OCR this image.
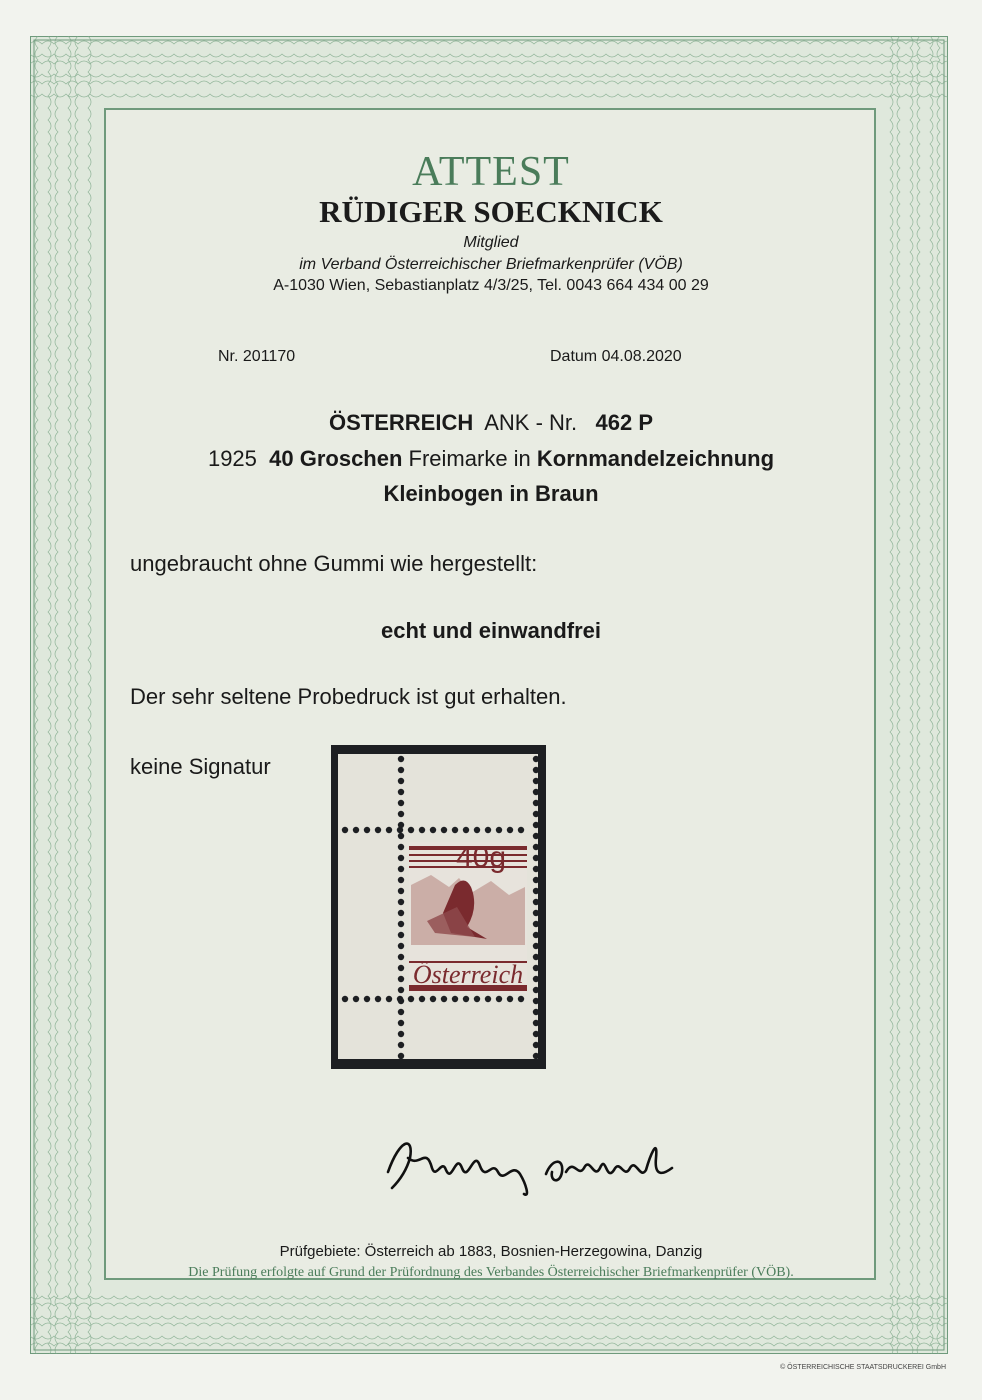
ATTEST
RÜDIGER SOECKNICK
Mitglied
im Verband Österreichischer Briefmarkenprüfer (VÖB)
A-1030 Wien, Sebastianplatz 4/3/25, Tel. 0043 664 434 00 29
Nr. 201170	Datum 04.08.2020
ÖSTERREICH ANK - Nr. 462 P
1925 40 Groschen Freimarke in Kornmandelzeichnung
Kleinbogen in Braun
ungebraucht ohne Gummi wie hergestellt:
echt und einwandfrei
Der sehr seltene Probedruck ist gut erhalten.
keine Signatur
40g
Österreich
Prüfgebiete: Österreich ab 1883, Bosnien-Herzegowina, Danzig
Die Prüfung erfolgte auf Grund der Prüfordnung des Verbandes Österreichischer Briefmarkenprüfer (VÖB).
© ÖSTERREICHISCHE STAATSDRUCKEREI GmbH
